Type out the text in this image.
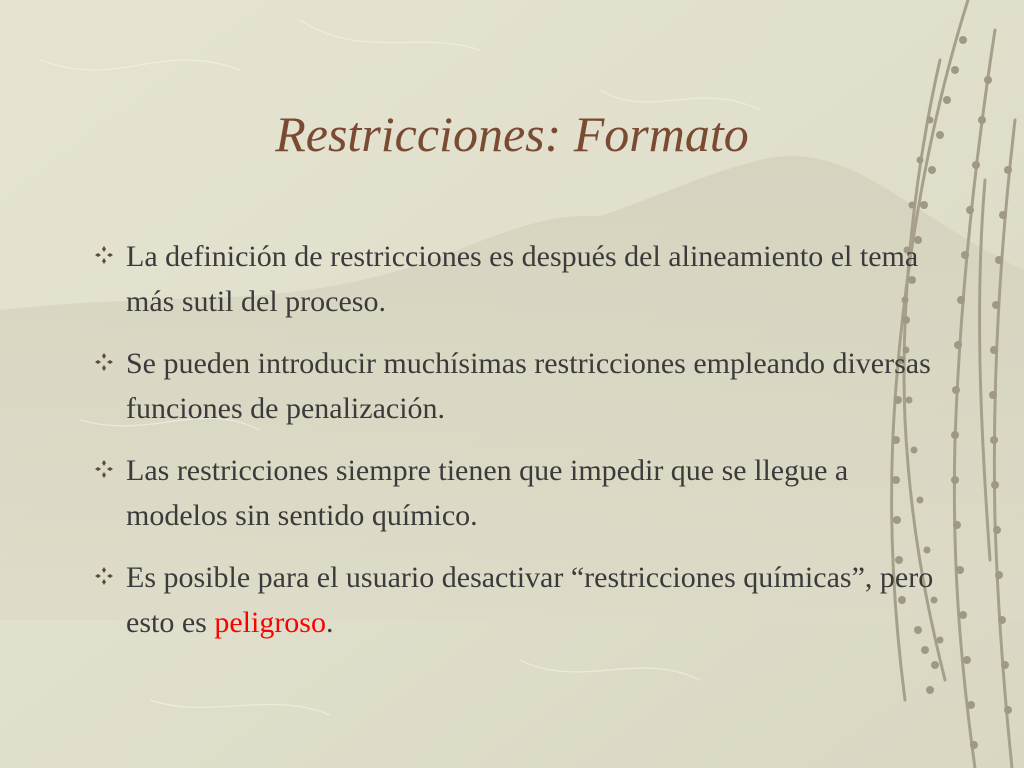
Restricciones: Formato
La definición de restricciones es después del alineamiento el tema más sutil del proceso.
Se pueden introducir muchísimas restricciones empleando diversas funciones de penalización.
Las restricciones siempre tienen que impedir que se llegue a modelos sin sentido químico.
Es posible para el usuario desactivar “restricciones químicas”, pero esto es peligroso.
